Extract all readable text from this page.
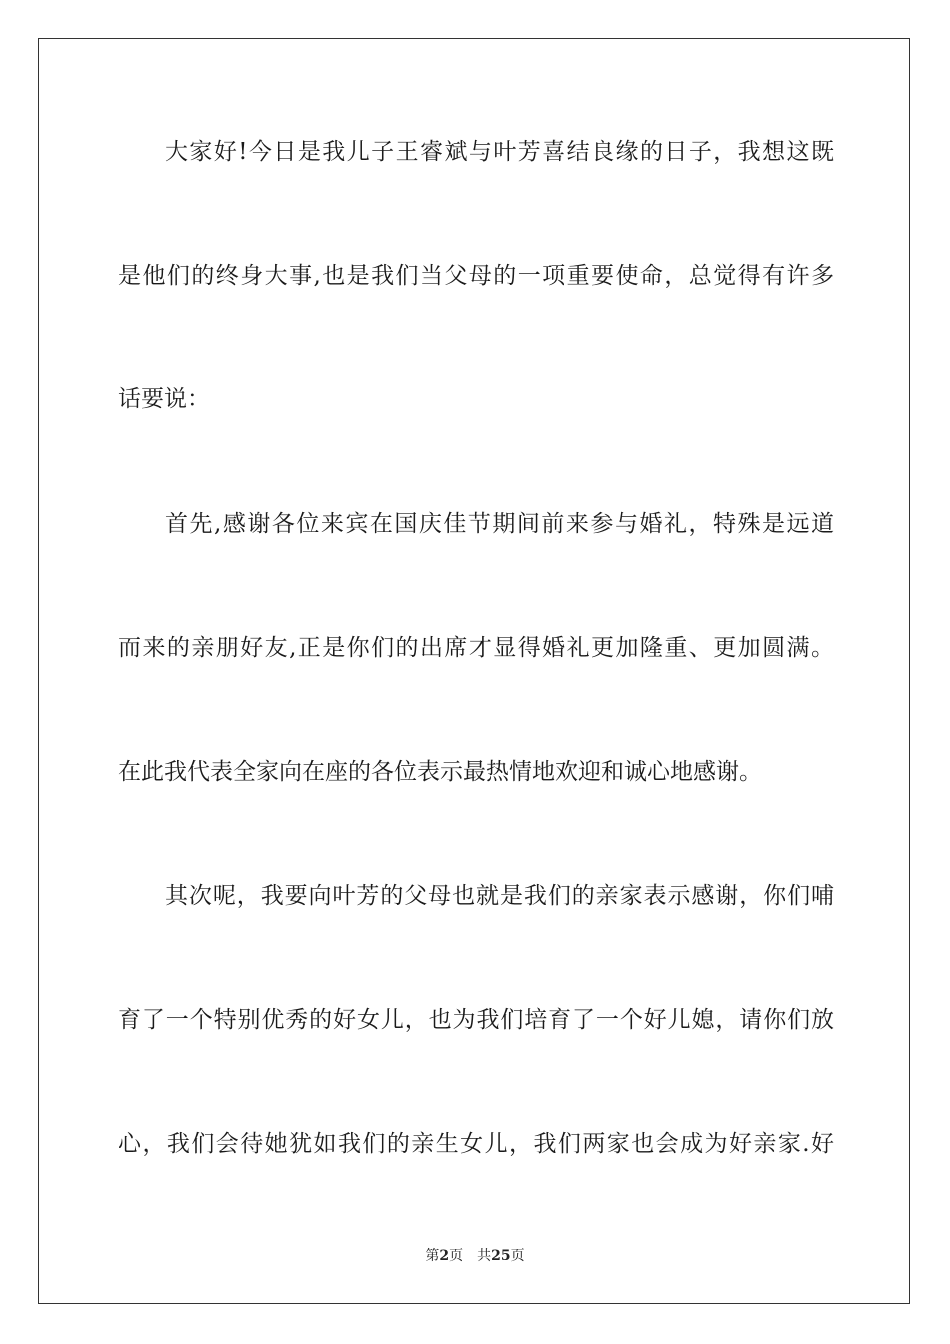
大家好!今日是我儿子王睿斌与叶芳喜结良缘的日子，我想这既
是他们的终身大事,也是我们当父母的一项重要使命，总觉得有许多
话要说：
首先,感谢各位来宾在国庆佳节期间前来参与婚礼，特殊是远道
而来的亲朋好友,正是你们的出席才显得婚礼更加隆重、更加圆满。
在此我代表全家向在座的各位表示最热情地欢迎和诚心地感谢。
其次呢，我要向叶芳的父母也就是我们的亲家表示感谢，你们哺
育了一个特别优秀的好女儿，也为我们培育了一个好儿媳，请你们放
心，我们会待她犹如我们的亲生女儿，我们两家也会成为好亲家.好
第2页 共25页
